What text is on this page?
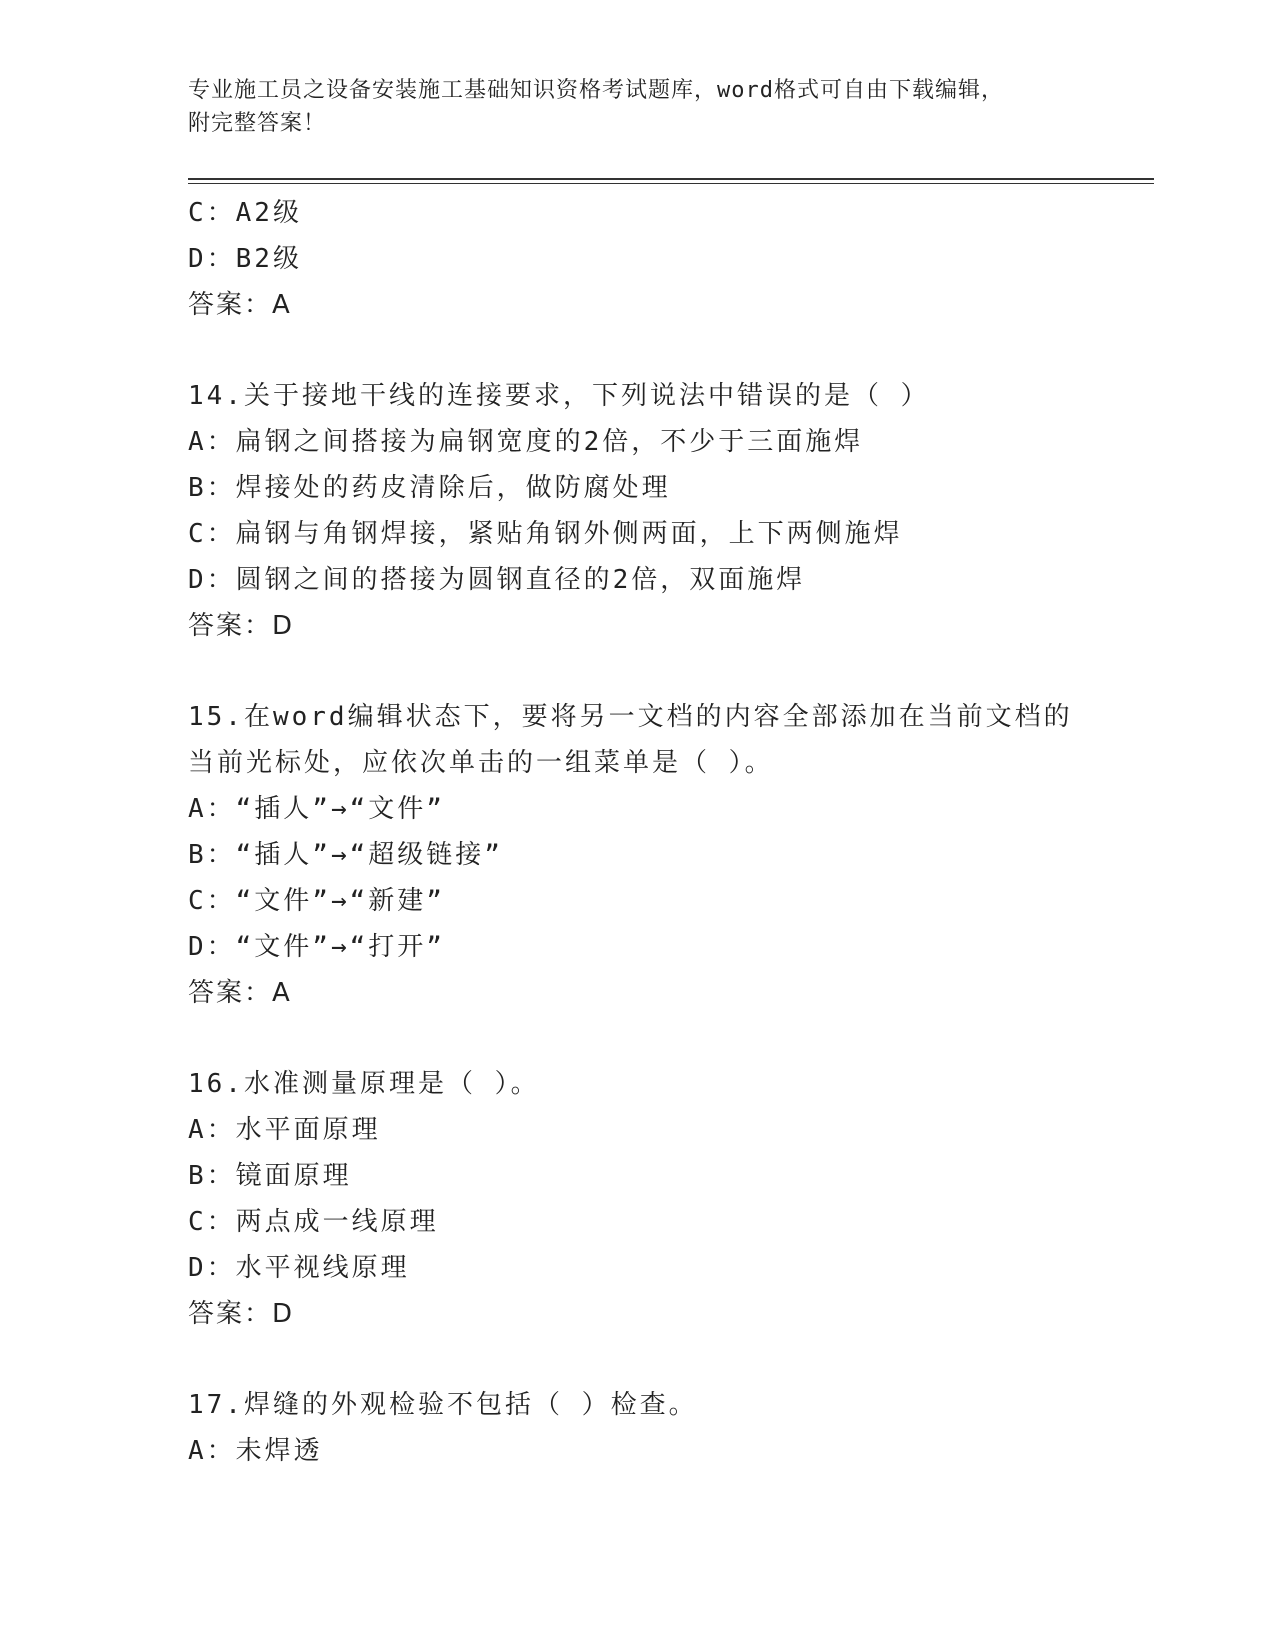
专业施工员之设备安装施工基础知识资格考试题库，word格式可自由下载编辑，
附完整答案！
C：A2级
D：B2级
答案：A
14.关于接地干线的连接要求，下列说法中错误的是（ ）
A：扁钢之间搭接为扁钢宽度的2倍，不少于三面施焊
B：焊接处的药皮清除后，做防腐处理
C：扁钢与角钢焊接，紧贴角钢外侧两面，上下两侧施焊
D：圆钢之间的搭接为圆钢直径的2倍，双面施焊
答案：D
15.在word编辑状态下，要将另一文档的内容全部添加在当前文档的
当前光标处，应依次单击的一组菜单是（ ）。
A：“插人”→“文件”
B：“插人”→“超级链接”
C：“文件”→“新建”
D：“文件”→“打开”
答案：A
16.水准测量原理是（ ）。
A：水平面原理
B：镜面原理
C：两点成一线原理
D：水平视线原理
答案：D
17.焊缝的外观检验不包括（ ）检查。
A：未焊透
